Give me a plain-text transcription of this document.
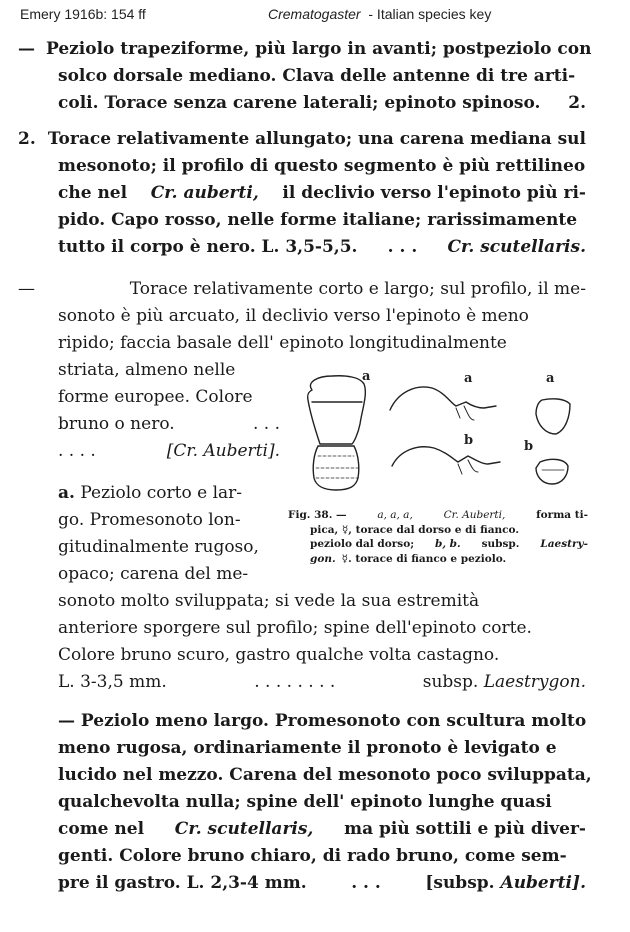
Emery 1916b: 154 ff	Crematogaster - Italian species key
— Peziolo trapeziforme, più largo in avanti; postpeziolo con
solco dorsale mediano. Clava delle antenne di tre arti-
coli. Torace senza carene laterali; epinoto spinoso. 2.
2. Torace relativamente allungato; una carena mediana sul
mesonoto; il profilo di questo segmento è più rettilineo
che nel Cr. auberti, il declivio verso l'epinoto più ri-
pido. Capo rosso, nelle forme italiane; rarissimamente
tutto il corpo è nero. L. 3,5-5,5. . . . Cr. scutellaris.
—	Torace relativamente corto e largo; sul profilo, il me-
sonoto è più arcuato, il declivio verso l'epinoto è meno
ripido; faccia basale dell' epinoto longitudinalmente
striata, almeno nelle
forme europee. Colore
bruno o nero.	. . .
. . . .	[Cr. Auberti].
a. Peziolo corto e lar-
go. Promesonoto lon-
gitudinalmente rugoso,
opaco; carena del me-
sonoto molto sviluppata; si vede la sua estremità
anteriore sporgere sul profilo; spine dell'epinoto corte.
Colore bruno scuro, gastro qualche volta castagno.
L. 3-3,5 mm.	. . . . . . . .	subsp. Laestrygon.
— Peziolo meno largo. Promesonoto con scultura molto
meno rugosa, ordinariamente il pronoto è levigato e
lucido nel mezzo. Carena del mesonoto poco sviluppata,
qualchevolta nulla; spine dell' epinoto lunghe quasi
come nel Cr. scutellaris, ma più sottili e più diver-
genti. Colore bruno chiaro, di rado bruno, come sem-
pre il gastro. L. 2,3-4 mm.	. . .	[subsp. Auberti].
a	a	a
b	b
Fig. 38. —	a, a, a,	Cr. Auberti,	forma ti-
pica, ☿, torace dal dorso e di fianco.
peziolo dal dorso; b, b. subsp. Laestry-
gon. ☿. torace di fianco e peziolo.
